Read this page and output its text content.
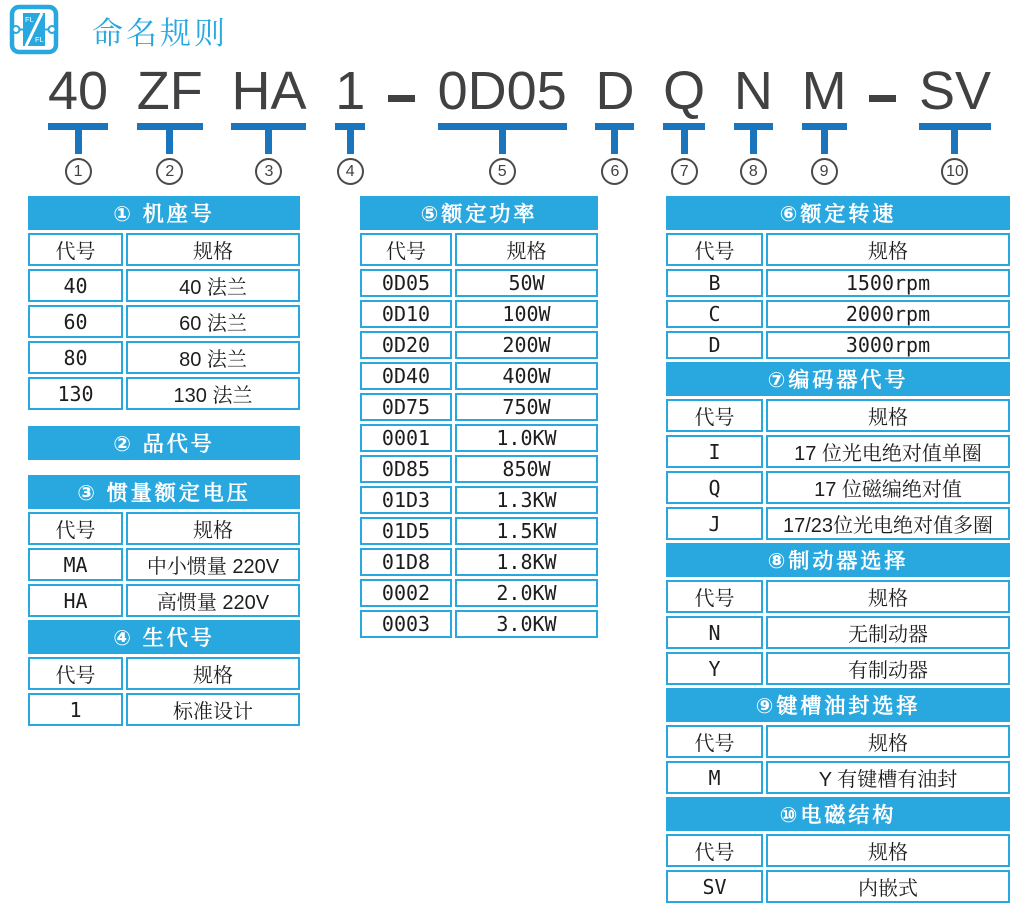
FL
FL 命名规则
40
1
ZF
2
HA
3
1
4
0D05
5
D
6
Q
7
N
8
M
9
SV
10
① 机座号	
代号	规格
40	40 法兰
60	60 法兰
80	80 法兰
130	130 法兰
② 品代号
③ 惯量额定电压	
代号	规格
MA	中小惯量 220V
HA	高惯量 220V
④ 生代号	
代号	规格
1	标准设计
⑤额定功率	
代号	规格
0D05	50W
0D10	100W
0D20	200W
0D40	400W
0D75	750W
0001	1.0KW
0D85	850W
01D3	1.3KW
01D5	1.5KW
01D8	1.8KW
0002	2.0KW
0003	3.0KW
⑥额定转速	
代号	规格
B	1500rpm
C	2000rpm
D	3000rpm
⑦编码器代号	
代号	规格
I	17 位光电绝对值单圈
Q	17 位磁编绝对值
J	17/23位光电绝对值多圈
⑧制动器选择	
代号	规格
N	无制动器
Y	有制动器
⑨键槽油封选择	
代号	规格
M	Y 有键槽有油封
⑩电磁结构	
代号	规格
SV	内嵌式
